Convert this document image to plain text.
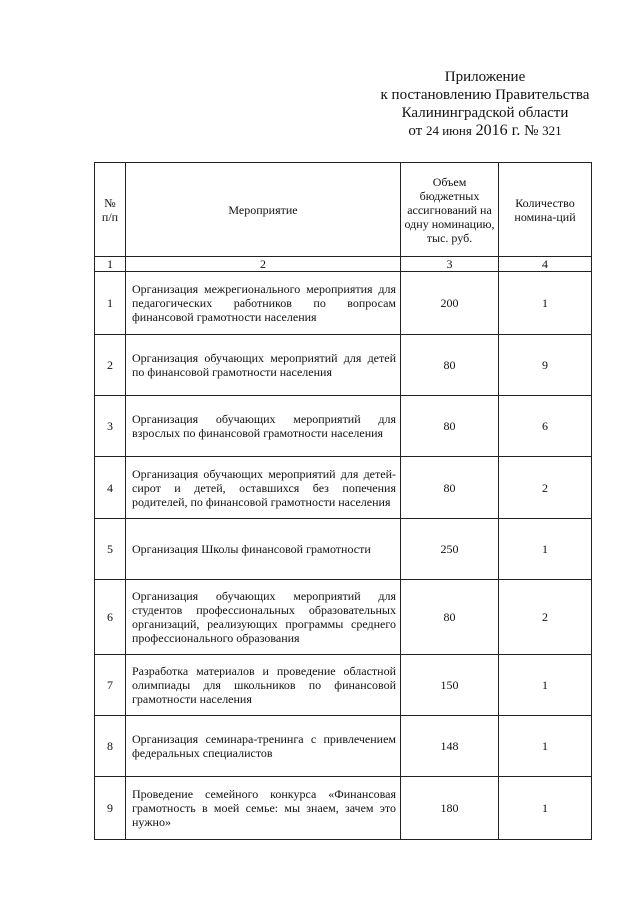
Приложение
к постановлению Правительства
Калининградской области
от 24 июня 2016 г. № 321
№ п/п	Мероприятие	Объем бюджетных ассигнований на одну номинацию, тыс. руб.	Количество номина-ций
1	2	3	4
1	Организация межрегионального мероприятия для педагогических работников по вопросам финансовой грамотности населения	200	1
2	Организация обучающих мероприятий для детей по финансовой грамотности населения	80	9
3	Организация обучающих мероприятий для взрослых по финансовой грамотности населения	80	6
4	Организация обучающих мероприятий для детей-сирот и детей, оставшихся без попечения родителей, по финансовой грамотности населения	80	2
5	Организация Школы финансовой грамотности	250	1
6	Организация обучающих мероприятий для студентов профессиональных образовательных организаций, реализующих программы среднего профессионального образования	80	2
7	Разработка материалов и проведение областной олимпиады для школьников по финансовой грамотности населения	150	1
8	Организация семинара-тренинга с привлечением федеральных специалистов	148	1
9	Проведение семейного конкурса «Финансовая грамотность в моей семье: мы знаем, зачем это нужно»	180	1
